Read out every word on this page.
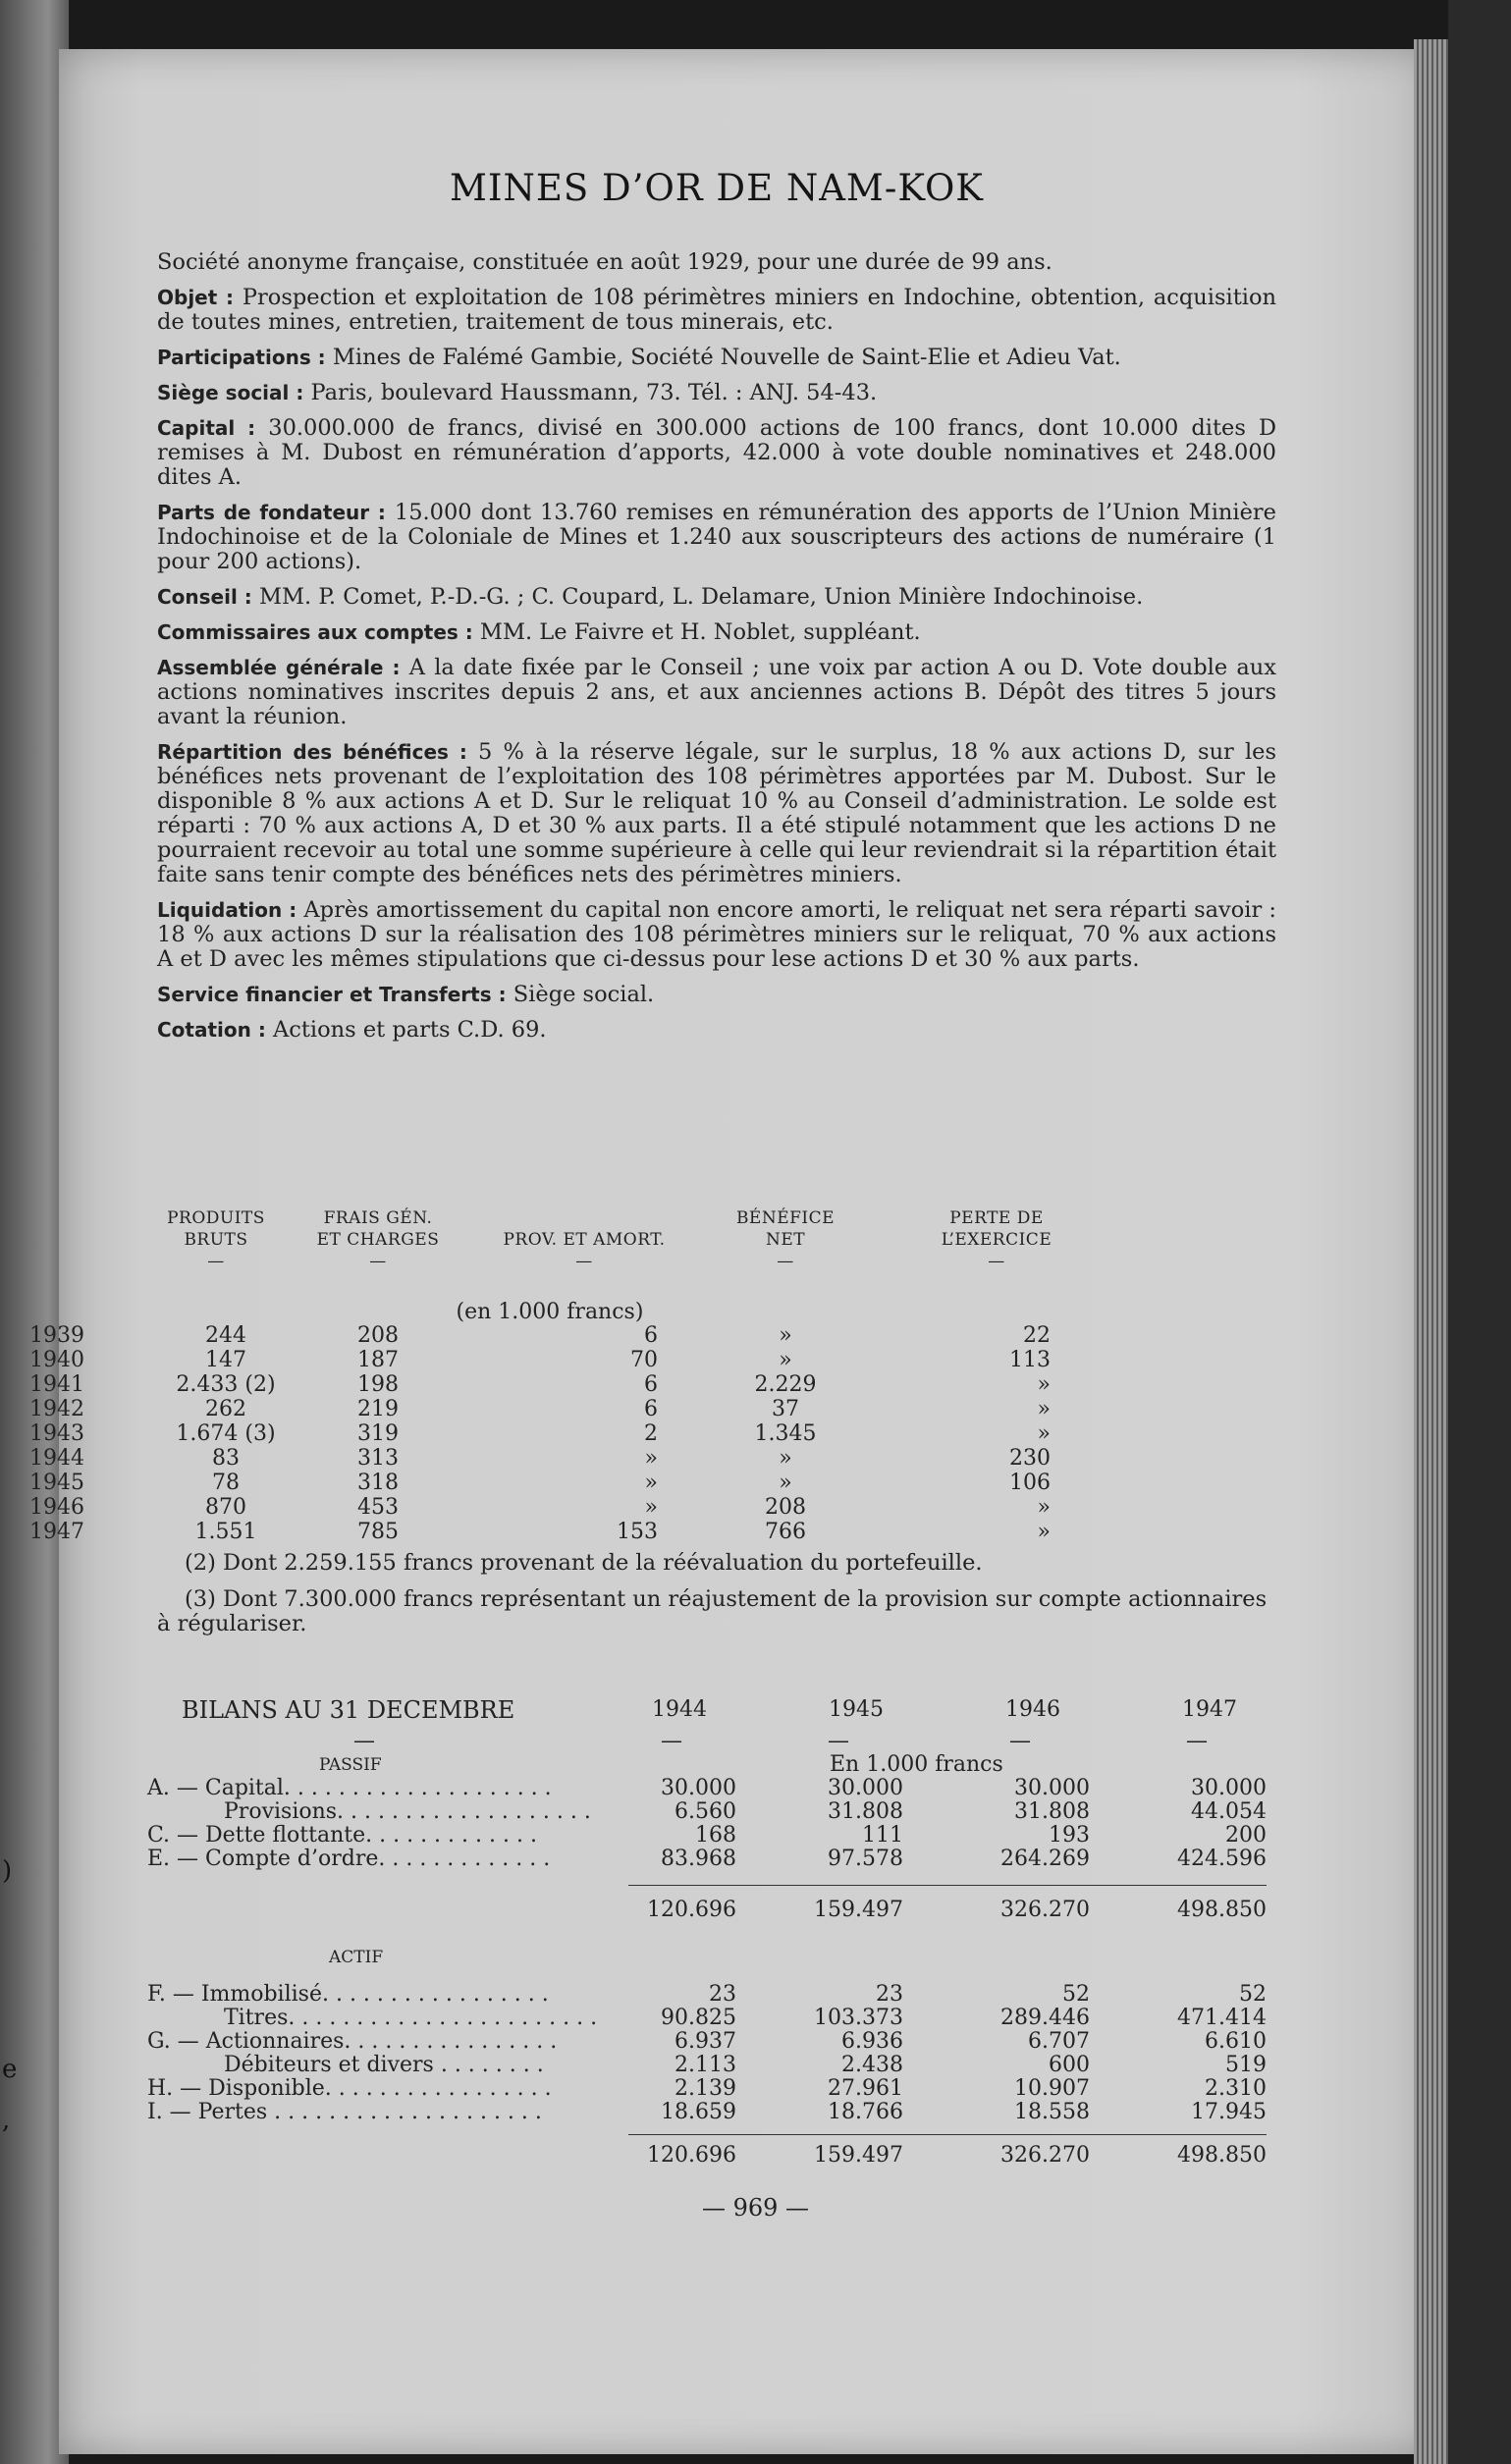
)
e
,
MINES D’OR DE NAM-KOK
Société anonyme française, constituée en août 1929, pour une durée de 99 ans.
Objet : Prospection et exploitation de 108 périmètres miniers en Indochine, obtention, acquisition de toutes mines, entretien, traitement de tous minerais, etc.
Participations : Mines de Falémé Gambie, Société Nouvelle de Saint-Elie et Adieu Vat.
Siège social : Paris, boulevard Haussmann, 73. Tél. : ANJ. 54-43.
Capital : 30.000.000 de francs, divisé en 300.000 actions de 100 francs, dont 10.000 dites D remises à M. Dubost en rémunération d’apports, 42.000 à vote double nominatives et 248.000 dites A.
Parts de fondateur : 15.000 dont 13.760 remises en rémunération des apports de l’Union Minière Indochinoise et de la Coloniale de Mines et 1.240 aux souscripteurs des actions de numéraire (1 pour 200 actions).
Conseil : MM. P. Comet, P.-D.-G. ; C. Coupard, L. Delamare, Union Minière Indochinoise.
Commissaires aux comptes : MM. Le Faivre et H. Noblet, suppléant.
Assemblée générale : A la date fixée par le Conseil ; une voix par action A ou D. Vote double aux actions nominatives inscrites depuis 2 ans, et aux anciennes actions B. Dépôt des titres 5 jours avant la réunion.
Répartition des bénéfices : 5 % à la réserve légale, sur le surplus, 18 % aux actions D, sur les bénéfices nets provenant de l’exploitation des 108 périmètres apportées par M. Dubost. Sur le disponible 8 % aux actions A et D. Sur le reliquat 10 % au Conseil d’administration. Le solde est réparti : 70 % aux actions A, D et 30 % aux parts. Il a été stipulé notamment que les actions D ne pourraient recevoir au total une somme supérieure à celle qui leur reviendrait si la répartition était faite sans tenir compte des bénéfices nets des périmètres miniers.
Liquidation : Après amortissement du capital non encore amorti, le reliquat net sera réparti savoir : 18 % aux actions D sur la réalisation des 108 périmètres miniers sur le reliquat, 70 % aux actions A et D avec les mêmes stipulations que ci-dessus pour lese actions D et 30 % aux parts.
Service financier et Transferts : Siège social.
Cotation : Actions et parts C.D. 69.
PRODUITS
BRUTS
—
FRAIS GÉN.
ET CHARGES
—
PROV. ET AMORT.
—
BÉNÉFICE
NET
—
PERTE DE
L’EXERCICE
—
(en 1.000 francs)
1939	244	208	6	»	22
1940	147	187	70	»	113
1941	2.433 (2)	198	6	2.229	»
1942	262	219	6	37	»
1943	1.674 (3)	319	2	1.345	»
1944	83	313	»	»	230
1945	78	318	»	»	106
1946	870	453	»	208	»
1947	1.551	785	153	766	»

(2) Dont 2.259.155 francs provenant de la réévaluation du portefeuille.

(3) Dont 7.300.000 francs représentant un réajustement de la provision sur compte actionnaires à régulariser.

BILANS AU 31 DECEMBRE	1944	1945	1946	1947
—	—	—	—	—
PASSIF	En 1.000 francs
A. — Capital. . . . . . . . . . . . . . . . . . . .	30.000	30.000	30.000	30.000
Provisions. . . . . . . . . . . . . . . . . . .	6.560	31.808	31.808	44.054
C. — Dette flottante. . . . . . . . . . . . .	168	111	193	200
E. — Compte d’ordre. . . . . . . . . . . . .	83.968	97.578	264.269	424.596
120.696	159.497	326.270	498.850
ACTIF
F. — Immobilisé. . . . . . . . . . . . . . . . .	23	23	52	52
Titres. . . . . . . . . . . . . . . . . . . . . . .	90.825	103.373	289.446	471.414
G. — Actionnaires. . . . . . . . . . . . . . . .	6.937	6.936	6.707	6.610
Débiteurs et divers . . . . . . . .	2.113	2.438	600	519
H. — Disponible. . . . . . . . . . . . . . . . .	2.139	27.961	10.907	2.310
I. — Pertes . . . . . . . . . . . . . . . . . . . .	18.659	18.766	18.558	17.945
120.696	159.497	326.270	498.850
— 969 —
